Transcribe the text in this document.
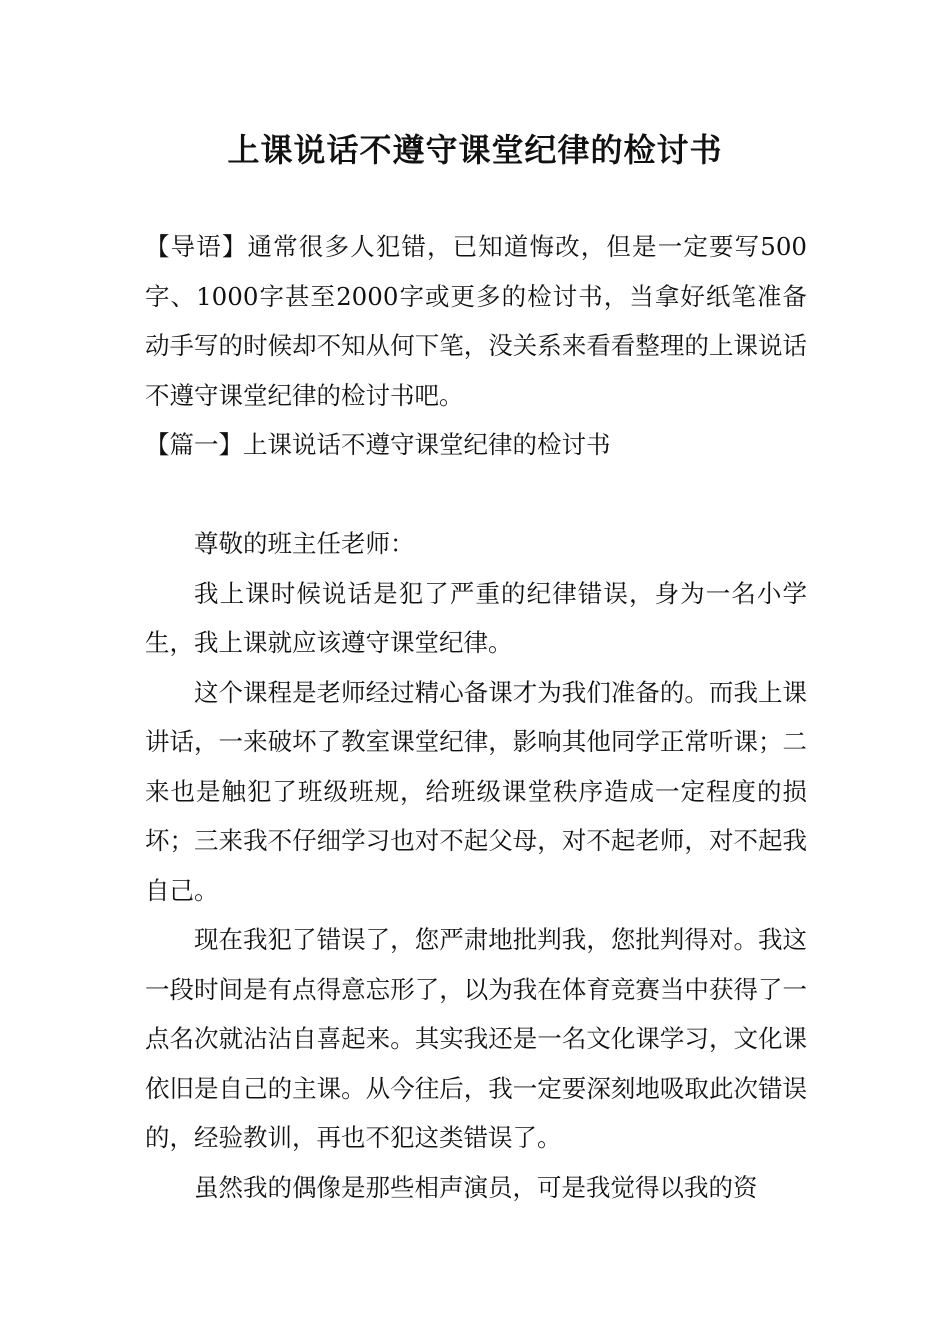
上课说话不遵守课堂纪律的检讨书

【导语】通常很多人犯错，已知道悔改，但是一定要写500字、1000字甚至2000字或更多的检讨书，当拿好纸笔准备动手写的时候却不知从何下笔，没关系来看看整理的上课说话不遵守课堂纪律的检讨书吧。

【篇一】上课说话不遵守课堂纪律的检讨书

尊敬的班主任老师：

我上课时候说话是犯了严重的纪律错误，身为一名小学生，我上课就应该遵守课堂纪律。

这个课程是老师经过精心备课才为我们准备的。而我上课讲话，一来破坏了教室课堂纪律，影响其他同学正常听课；二来也是触犯了班级班规，给班级课堂秩序造成一定程度的损坏；三来我不仔细学习也对不起父母，对不起老师，对不起我自己。

现在我犯了错误了，您严肃地批判我，您批判得对。我这一段时间是有点得意忘形了，以为我在体育竞赛当中获得了一点名次就沾沾自喜起来。其实我还是一名文化课学习，文化课依旧是自己的主课。从今往后，我一定要深刻地吸取此次错误的，经验教训，再也不犯这类错误了。

虽然我的偶像是那些相声演员，可是我觉得以我的资
